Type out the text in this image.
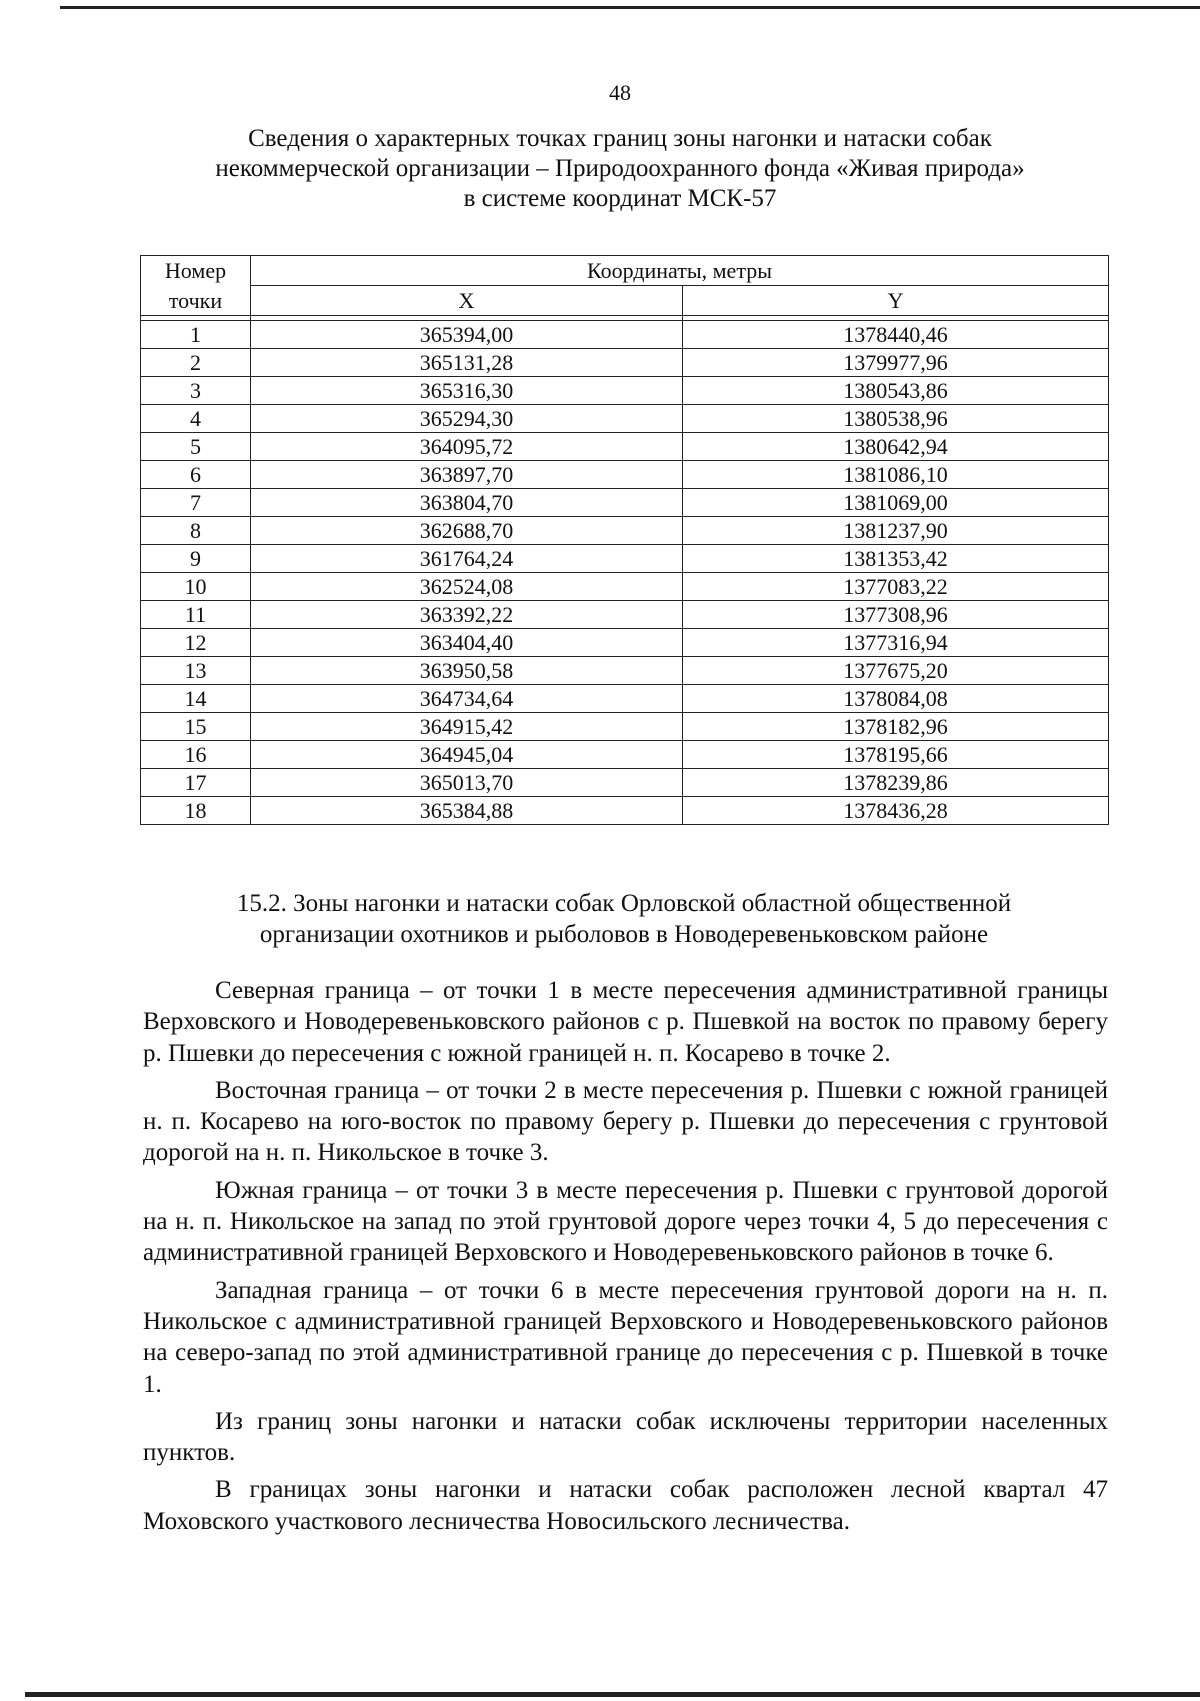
48
Сведения о характерных точках границ зоны нагонки и натаски собак
некоммерческой организации – Природоохранного фонда «Живая природа»
в системе координат МСК-57
Номер	Координаты, метры	
точки	X	Y

1	365394,00	1378440,46
2	365131,28	1379977,96
3	365316,30	1380543,86
4	365294,30	1380538,96
5	364095,72	1380642,94
6	363897,70	1381086,10
7	363804,70	1381069,00
8	362688,70	1381237,90
9	361764,24	1381353,42
10	362524,08	1377083,22
11	363392,22	1377308,96
12	363404,40	1377316,94
13	363950,58	1377675,20
14	364734,64	1378084,08
15	364915,42	1378182,96
16	364945,04	1378195,66
17	365013,70	1378239,86
18	365384,88	1378436,28
15.2. Зоны нагонки и натаски собак Орловской областной общественной
организации охотников и рыболовов в Новодеревеньковском районе

Северная граница – от точки 1 в месте пересечения административной границы Верховского и Новодеревеньковского районов с р. Пшевкой на восток по правому берегу р. Пшевки до пересечения с южной границей н. п. Косарево в точке 2.

Восточная граница – от точки 2 в месте пересечения р. Пшевки с южной границей н. п. Косарево на юго-восток по правому берегу р. Пшевки до пересечения с грунтовой дорогой на н. п. Никольское в точке 3.

Южная граница – от точки 3 в месте пересечения р. Пшевки с грунтовой дорогой на н. п. Никольское на запад по этой грунтовой дороге через точки 4, 5 до пересечения с административной границей Верховского и Новодеревеньковского районов в точке 6.

Западная граница – от точки 6 в месте пересечения грунтовой дороги на н. п. Никольское с административной границей Верховского и Новодеревеньковского районов на северо-запад по этой административной границе до пересечения с р. Пшевкой в точке 1.

Из границ зоны нагонки и натаски собак исключены территории населенных пунктов.

В границах зоны нагонки и натаски собак расположен лесной квартал 47 Моховского участкового лесничества Новосильского лесничества.
